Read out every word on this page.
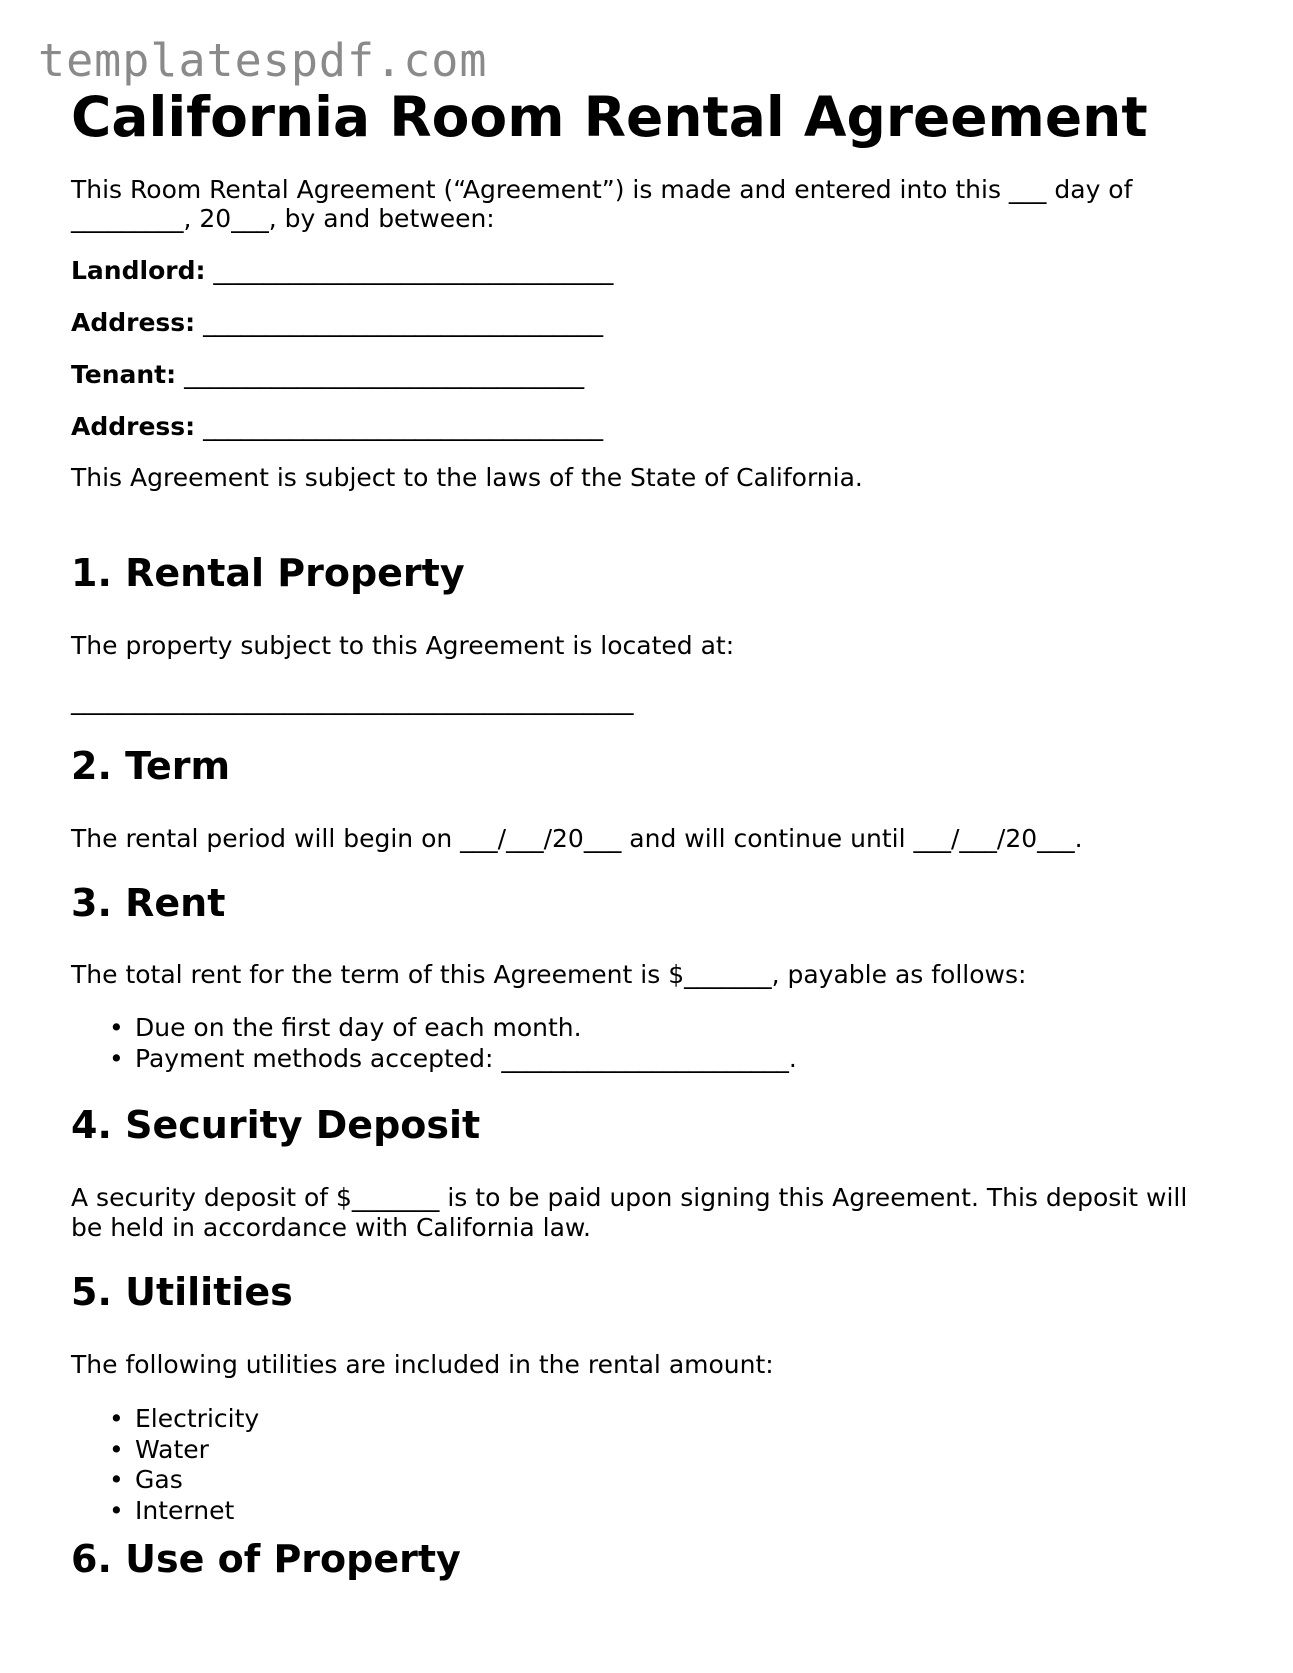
templatespdf.com
California Room Rental Agreement

This Room Rental Agreement (“Agreement”) is made and entered into this ___ day of

_________, 20___, by and between:

Landlord: ________________________________
Address: ________________________________
Tenant: ________________________________
Address: ________________________________

This Agreement is subject to the laws of the State of California.

1. Rental Property

The property subject to this Agreement is located at:

_____________________________________________

2. Term

The rental period will begin on ___/___/20___ and will continue until ___/___/20___.

3. Rent

The total rent for the term of this Agreement is $_______, payable as follows:

• Due on the first day of each month.
• Payment methods accepted: _______________________.
4. Security Deposit

A security deposit of $_______ is to be paid upon signing this Agreement. This deposit will

be held in accordance with California law.

5. Utilities

The following utilities are included in the rental amount:

• Electricity
• Water
• Gas
• Internet
6. Use of Property
